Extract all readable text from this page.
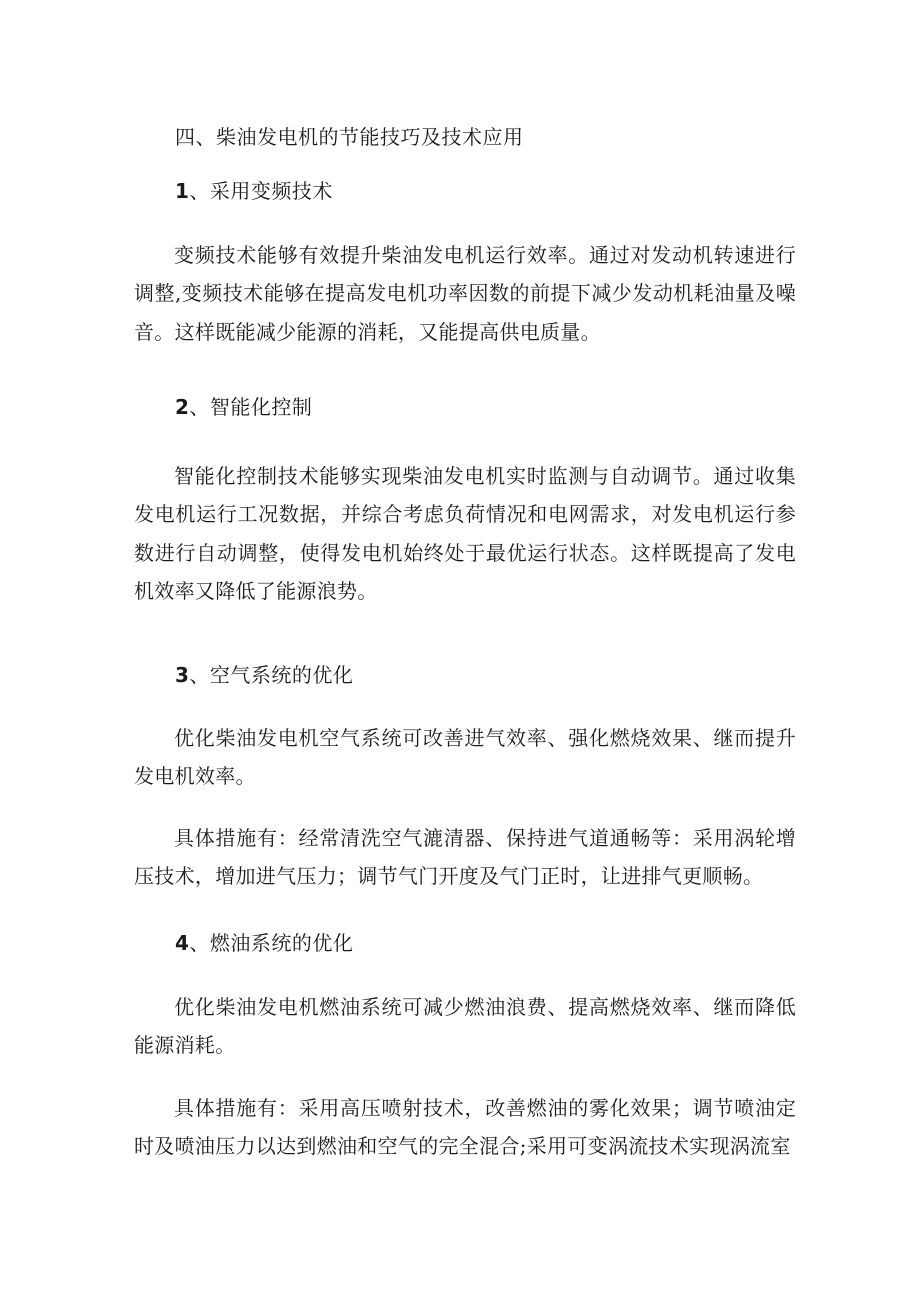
四、柴油发电机的节能技巧及技术应用
1、采用变频技术
变频技术能够有效提升柴油发电机运行效率。通过对发动机转速进行调整,变频技术能够在提高发电机功率因数的前提下减少发动机耗油量及噪音。这样既能减少能源的消耗，又能提高供电质量。
2、智能化控制
智能化控制技术能够实现柴油发电机实时监测与自动调节。通过收集发电机运行工况数据，并综合考虑负荷情况和电网需求，对发电机运行参数进行自动调整，使得发电机始终处于最优运行状态。这样既提高了发电机效率又降低了能源浪势。
3、空气系统的优化
优化柴油发电机空气系统可改善进气效率、强化燃烧效果、继而提升发电机效率。
具体措施有：经常清洗空气漉清器、保持进气道通畅等：采用涡轮增压技术，增加进气压力；调节气门开度及气门正时，让进排气更顺畅。
4、燃油系统的优化
优化柴油发电机燃油系统可减少燃油浪费、提高燃烧效率、继而降低能源消耗。
具体措施有：采用高压喷射技术，改善燃油的雾化效果；调节喷油定时及喷油压力以达到燃油和空气的完全混合;采用可变涡流技术实现涡流室
